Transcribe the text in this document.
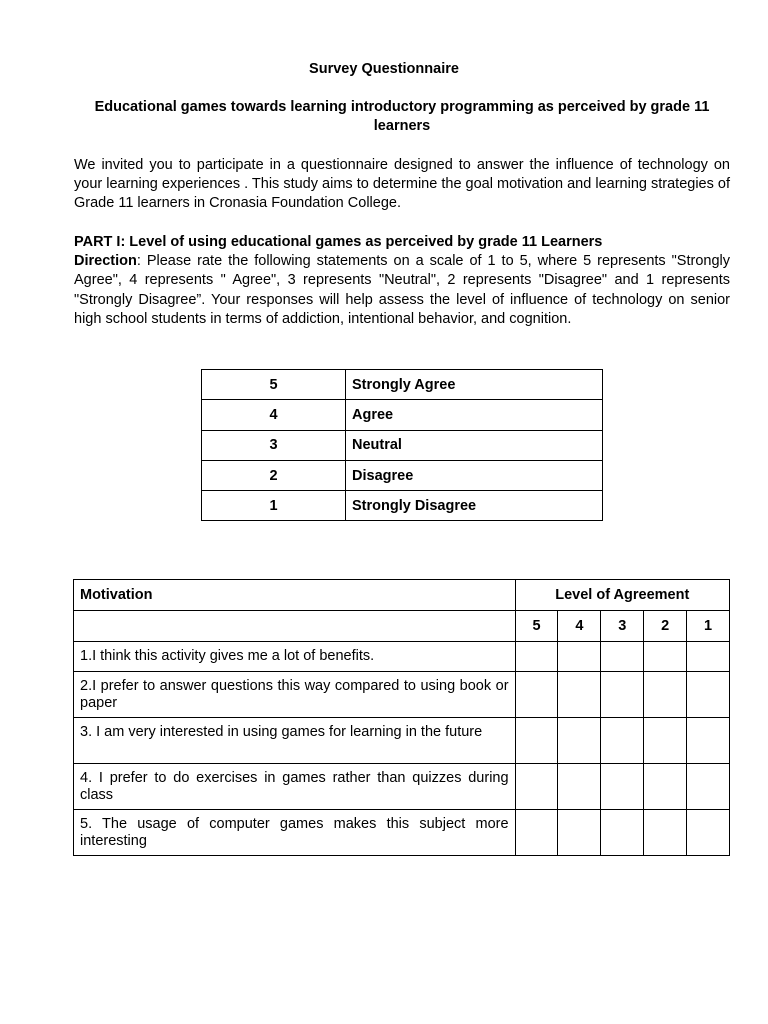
Survey Questionnaire
Educational games towards learning introductory programming as perceived by grade 11 learners

We invited you to participate in a questionnaire designed to answer the influence of technology on your learning experiences . This study aims to determine the goal motivation and learning strategies of Grade 11 learners in Cronasia Foundation College.

PART I: Level of using educational games as perceived by grade 11 Learners

Direction: Please rate the following statements on a scale of 1 to 5, where 5 represents "Strongly Agree", 4 represents " Agree", 3 represents "Neutral", 2 represents "Disagree" and 1 represents "Strongly Disagree”. Your responses will help assess the level of influence of technology on senior high school students in terms of addiction, intentional behavior, and cognition.

5	Strongly Agree
4	Agree
3	Neutral
2	Disagree
1	Strongly Disagree
Motivation	Level of Agreement				
	5	4	3	2	1
1.I think this activity gives me a lot of benefits.					
2.I prefer to answer questions this way compared to using book or paper					
3. I am very interested in using games for learning in the future					
4. I prefer to do exercises in games rather than quizzes during class					
5. The usage of computer games makes this subject more interesting					
